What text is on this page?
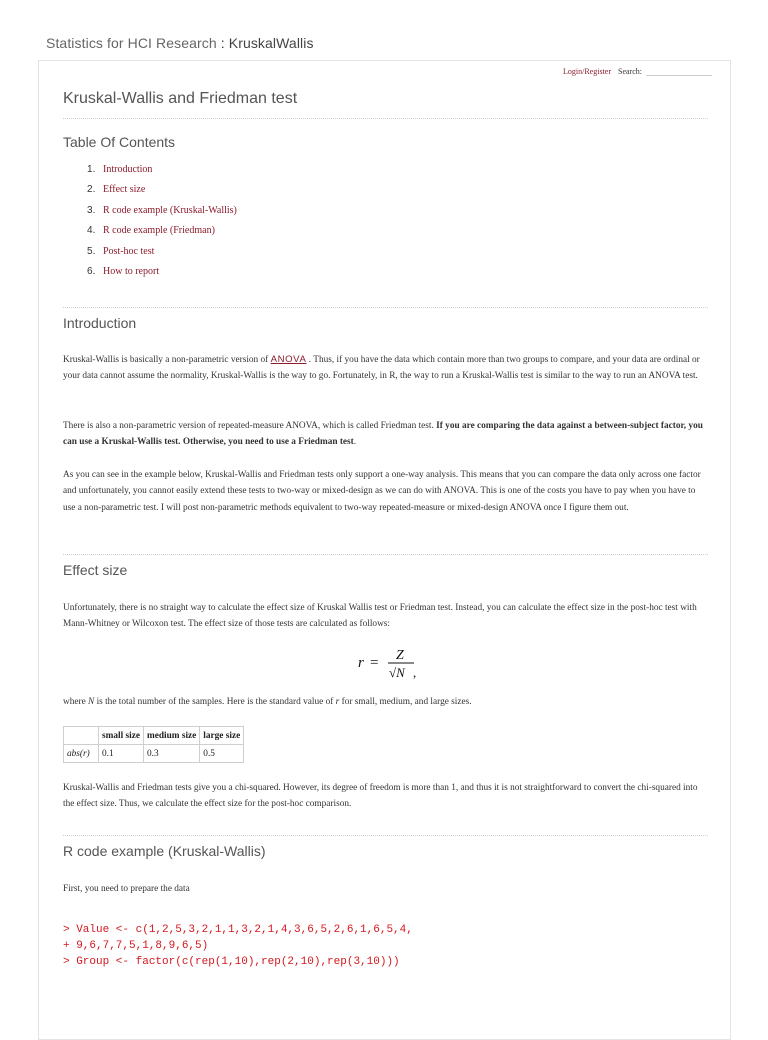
Statistics for HCI Research : KruskalWallis
Login/Register Search:
Kruskal-Wallis and Friedman test
Table Of Contents
Introduction
Effect size
R code example (Kruskal-Wallis)
R code example (Friedman)
Post-hoc test
How to report
Introduction

Kruskal-Wallis is basically a non-parametric version of ANOVA . Thus, if you have the data which contain more than two groups to compare, and your data are ordinal or your data cannot assume the normality, Kruskal-Wallis is the way to go. Fortunately, in R, the way to run a Kruskal-Wallis test is similar to the way to run an ANOVA test.

There is also a non-parametric version of repeated-measure ANOVA, which is called Friedman test. If you are comparing the data against a between-subject factor, you can use a Kruskal-Wallis test. Otherwise, you need to use a Friedman test.

As you can see in the example below, Kruskal-Wallis and Friedman tests only support a one-way analysis. This means that you can compare the data only across one factor and unfortunately, you cannot easily extend these tests to two-way or mixed-design as we can do with ANOVA. This is one of the costs you have to pay when you have to use a non-parametric test. I will post non-parametric methods equivalent to two-way repeated-measure or mixed-design ANOVA once I figure them out.

Effect size

Unfortunately, there is no straight way to calculate the effect size of Kruskal Wallis test or Friedman test. Instead, you can calculate the effect size in the post-hoc test with Mann-Whitney or Wilcoxon test. The effect size of those tests are calculated as follows:

r = Z
√N ,

where N is the total number of the samples. Here is the standard value of r for small, medium, and large sizes.

	small size	medium size	large size
abs(r)	0.1	0.3	0.5

Kruskal-Wallis and Friedman tests give you a chi-squared. However, its degree of freedom is more than 1, and thus it is not straightforward to convert the chi-squared into the effect size. Thus, we calculate the effect size for the post-hoc comparison.

R code example (Kruskal-Wallis)

First, you need to prepare the data

> Value <- c(1,2,5,3,2,1,1,3,2,1,4,3,6,5,2,6,1,6,5,4,
+ 9,6,7,7,5,1,8,9,6,5)
> Group <- factor(c(rep(1,10),rep(2,10),rep(3,10)))
